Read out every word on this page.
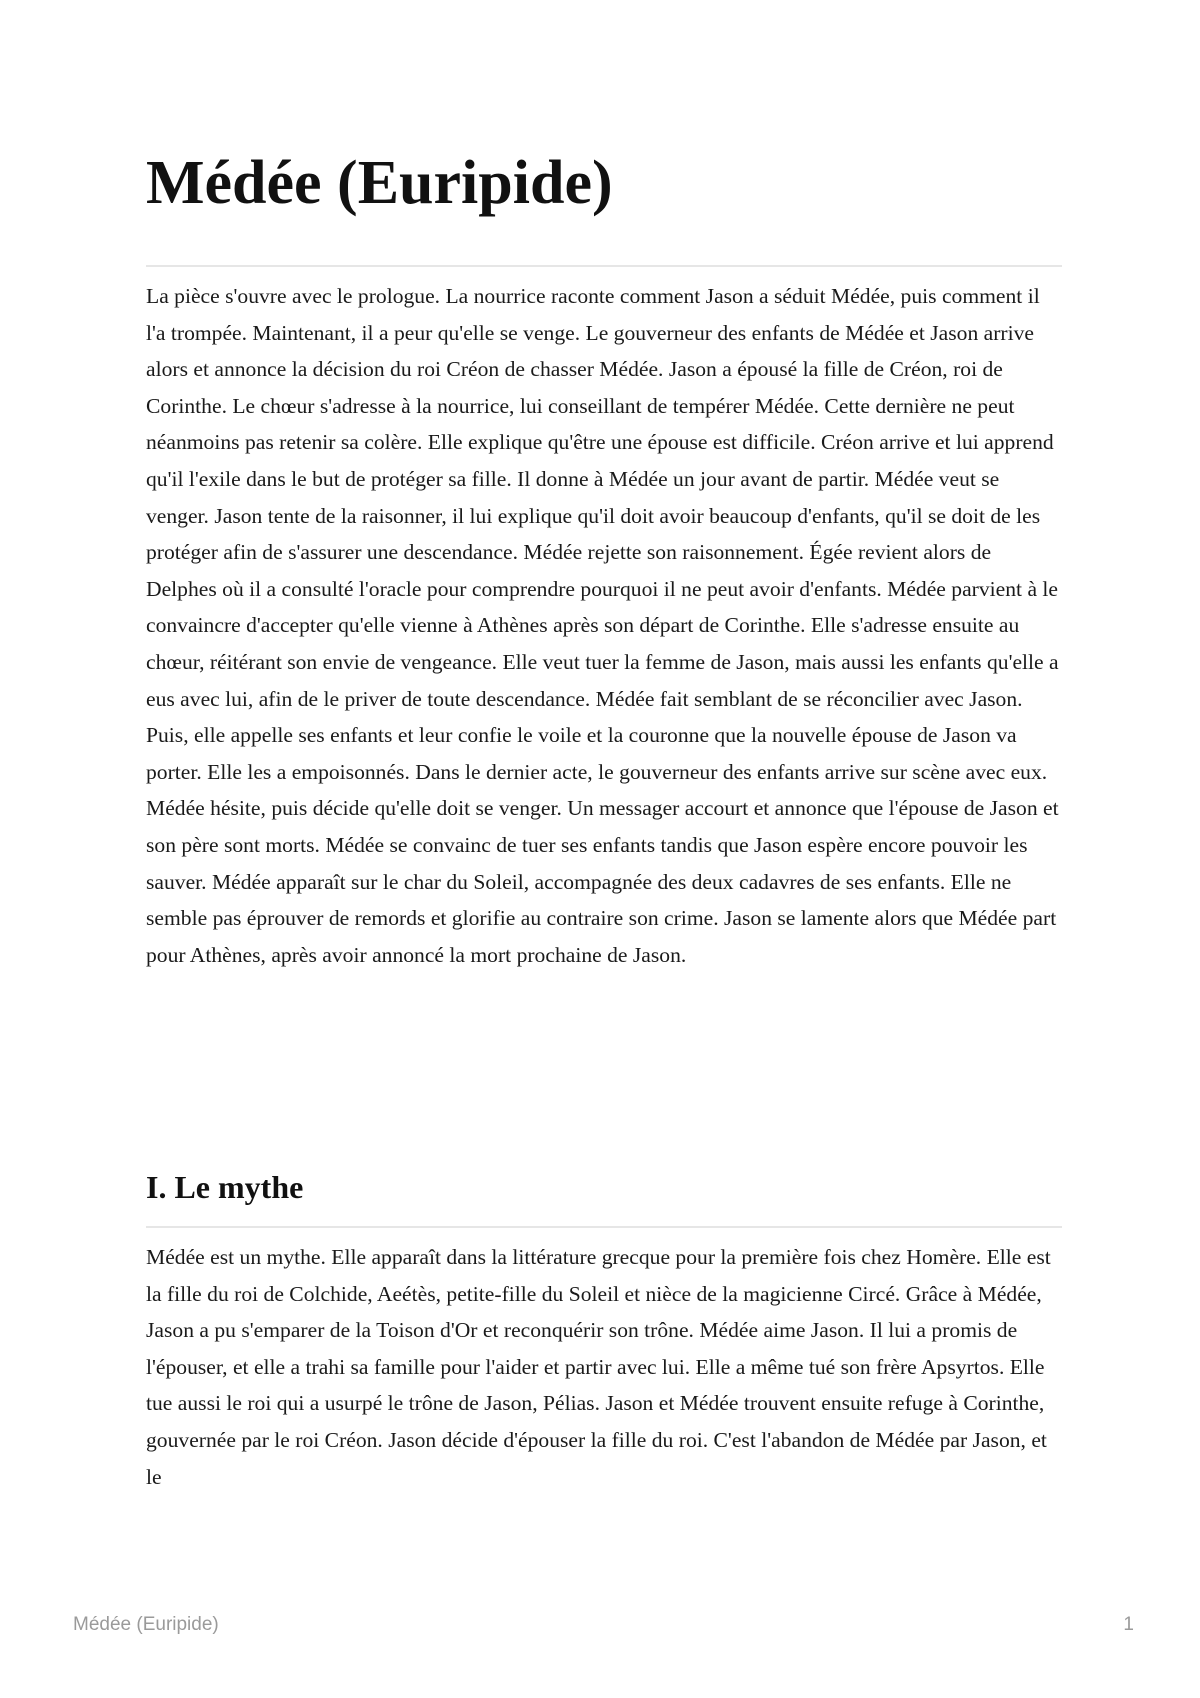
Médée (Euripide)

La pièce s'ouvre avec le prologue. La nourrice raconte comment Jason a séduit Médée, puis comment il l'a trompée. Maintenant, il a peur qu'elle se venge. Le gouverneur des enfants de Médée et Jason arrive alors et annonce la décision du roi Créon de chasser Médée. Jason a épousé la fille de Créon, roi de Corinthe. Le chœur s'adresse à la nourrice, lui conseillant de tempérer Médée. Cette dernière ne peut néanmoins pas retenir sa colère. Elle explique qu'être une épouse est difficile. Créon arrive et lui apprend qu'il l'exile dans le but de protéger sa fille. Il donne à Médée un jour avant de partir. Médée veut se venger. Jason tente de la raisonner, il lui explique qu'il doit avoir beaucoup d'enfants, qu'il se doit de les protéger afin de s'assurer une descendance. Médée rejette son raisonnement. Égée revient alors de Delphes où il a consulté l'oracle pour comprendre pourquoi il ne peut avoir d'enfants. Médée parvient à le convaincre d'accepter qu'elle vienne à Athènes après son départ de Corinthe. Elle s'adresse ensuite au chœur, réitérant son envie de vengeance. Elle veut tuer la femme de Jason, mais aussi les enfants qu'elle a eus avec lui, afin de le priver de toute descendance. Médée fait semblant de se réconcilier avec Jason. Puis, elle appelle ses enfants et leur confie le voile et la couronne que la nouvelle épouse de Jason va porter. Elle les a empoisonnés. Dans le dernier acte, le gouverneur des enfants arrive sur scène avec eux. Médée hésite, puis décide qu'elle doit se venger. Un messager accourt et annonce que l'épouse de Jason et son père sont morts. Médée se convainc de tuer ses enfants tandis que Jason espère encore pouvoir les sauver. Médée apparaît sur le char du Soleil, accompagnée des deux cadavres de ses enfants. Elle ne semble pas éprouver de remords et glorifie au contraire son crime. Jason se lamente alors que Médée part pour Athènes, après avoir annoncé la mort prochaine de Jason.

I. Le mythe

Médée est un mythe. Elle apparaît dans la littérature grecque pour la première fois chez Homère. Elle est la fille du roi de Colchide, Aeétès, petite-fille du Soleil et nièce de la magicienne Circé. Grâce à Médée, Jason a pu s'emparer de la Toison d'Or et reconquérir son trône. Médée aime Jason. Il lui a promis de l'épouser, et elle a trahi sa famille pour l'aider et partir avec lui. Elle a même tué son frère Apsyrtos. Elle tue aussi le roi qui a usurpé le trône de Jason, Pélias. Jason et Médée trouvent ensuite refuge à Corinthe, gouvernée par le roi Créon. Jason décide d'épouser la fille du roi. C'est l'abandon de Médée par Jason, et le

Médée (Euripide)	1
